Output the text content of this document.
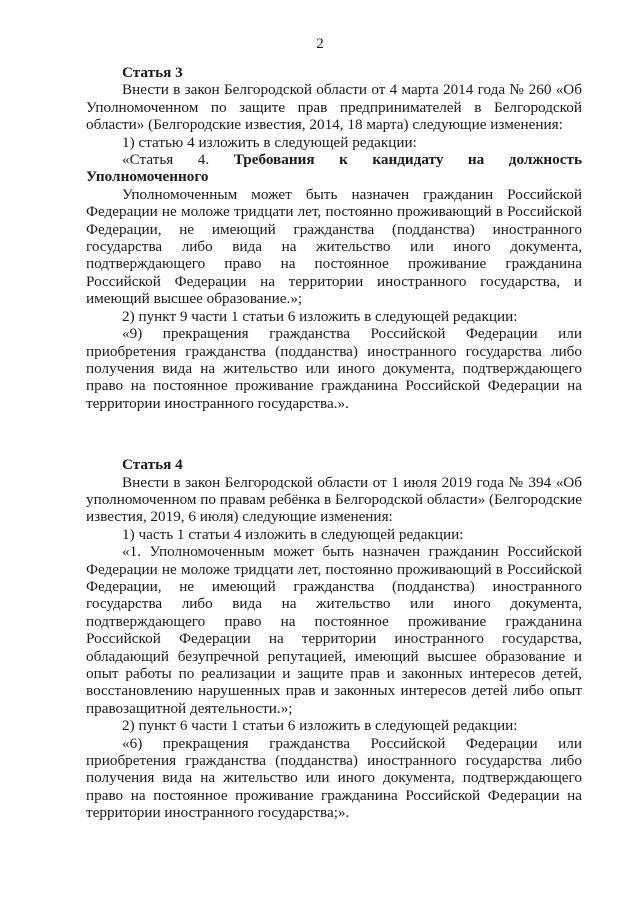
2

Статья 3

Внести в закон Белгородской области от 4 марта 2014 года № 260 «Об Уполномоченном по защите прав предпринимателей в Белгородской области» (Белгородские известия, 2014, 18 марта) следующие изменения:

1) статью 4 изложить в следующей редакции:

«Статья 4. Требования к кандидату на должность Уполномоченного

Уполномоченным может быть назначен гражданин Российской Федерации не моложе тридцати лет, постоянно проживающий в Российской Федерации, не имеющий гражданства (подданства) иностранного государства либо вида на жительство или иного документа, подтверждающего право на постоянное проживание гражданина Российской Федерации на территории иностранного государства, и имеющий высшее образование.»;

2) пункт 9 части 1 статьи 6 изложить в следующей редакции:

«9) прекращения гражданства Российской Федерации или приобретения гражданства (подданства) иностранного государства либо получения вида на жительство или иного документа, подтверждающего право на постоянное проживание гражданина Российской Федерации на территории иностранного государства.».

Статья 4

Внести в закон Белгородской области от 1 июля 2019 года № 394 «Об уполномоченном по правам ребёнка в Белгородской области» (Белгородские известия, 2019, 6 июля) следующие изменения:

1) часть 1 статьи 4 изложить в следующей редакции:

«1. Уполномоченным может быть назначен гражданин Российской Федерации не моложе тридцати лет, постоянно проживающий в Российской Федерации, не имеющий гражданства (подданства) иностранного государства либо вида на жительство или иного документа, подтверждающего право на постоянное проживание гражданина Российской Федерации на территории иностранного государства, обладающий безупречной репутацией, имеющий высшее образование и опыт работы по реализации и защите прав и законных интересов детей, восстановлению нарушенных прав и законных интересов детей либо опыт правозащитной деятельности.»;

2) пункт 6 части 1 статьи 6 изложить в следующей редакции:

«6) прекращения гражданства Российской Федерации или приобретения гражданства (подданства) иностранного государства либо получения вида на жительство или иного документа, подтверждающего право на постоянное проживание гражданина Российской Федерации на территории иностранного государства;».
